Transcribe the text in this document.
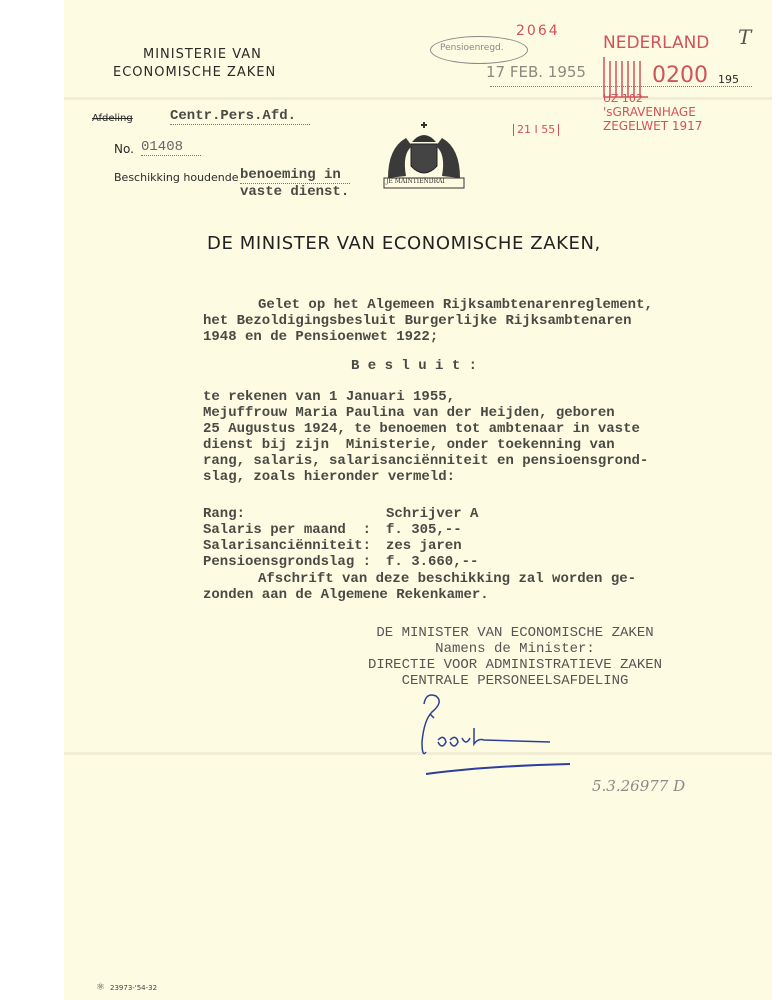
MINISTERIE VAN
ECONOMISCHE ZAKEN
Afdeling	Centr.Pers.Afd.
No. 01408
Beschikking houdende benoeming in
vaste dienst.
JE MAINTIENDRAI
2064
Pensioenregd.
17 FEB. 1955
NEDERLAND
0200 195
UZ 102
'sGRAVENHAGE
ZEGELWET 1917
21 I 55
T
DE MINISTER VAN ECONOMISCHE ZAKEN,
Gelet op het Algemeen Rijksambtenarenreglement,
het Bezoldigingsbesluit Burgerlijke Rijksambtenaren
1948 en de Pensioenwet 1922;
B e s l u i t :
te rekenen van 1 Januari 1955,
Mejuffrouw Maria Paulina van der Heijden, geboren
25 Augustus 1924, te benoemen tot ambtenaar in vaste
dienst bij zijn  Ministerie, onder toekenning van
rang, salaris, salarisanciënniteit en pensioensgrond-
slag, zoals hieronder vermeld:
Rang:	Schrijver A
Salaris per maand  : f. 305,--
Salarisanciënniteit: zes jaren
Pensioensgrondslag : f. 3.660,--
Afschrift van deze beschikking zal worden ge-
zonden aan de Algemene Rekenkamer.
DE MINISTER VAN ECONOMISCHE ZAKEN
Namens de Minister:
DIRECTIE VOOR ADMINISTRATIEVE ZAKEN
CENTRALE PERSONEELSAFDELING
5.3.26977 D
⚛ 23973-'54-32
